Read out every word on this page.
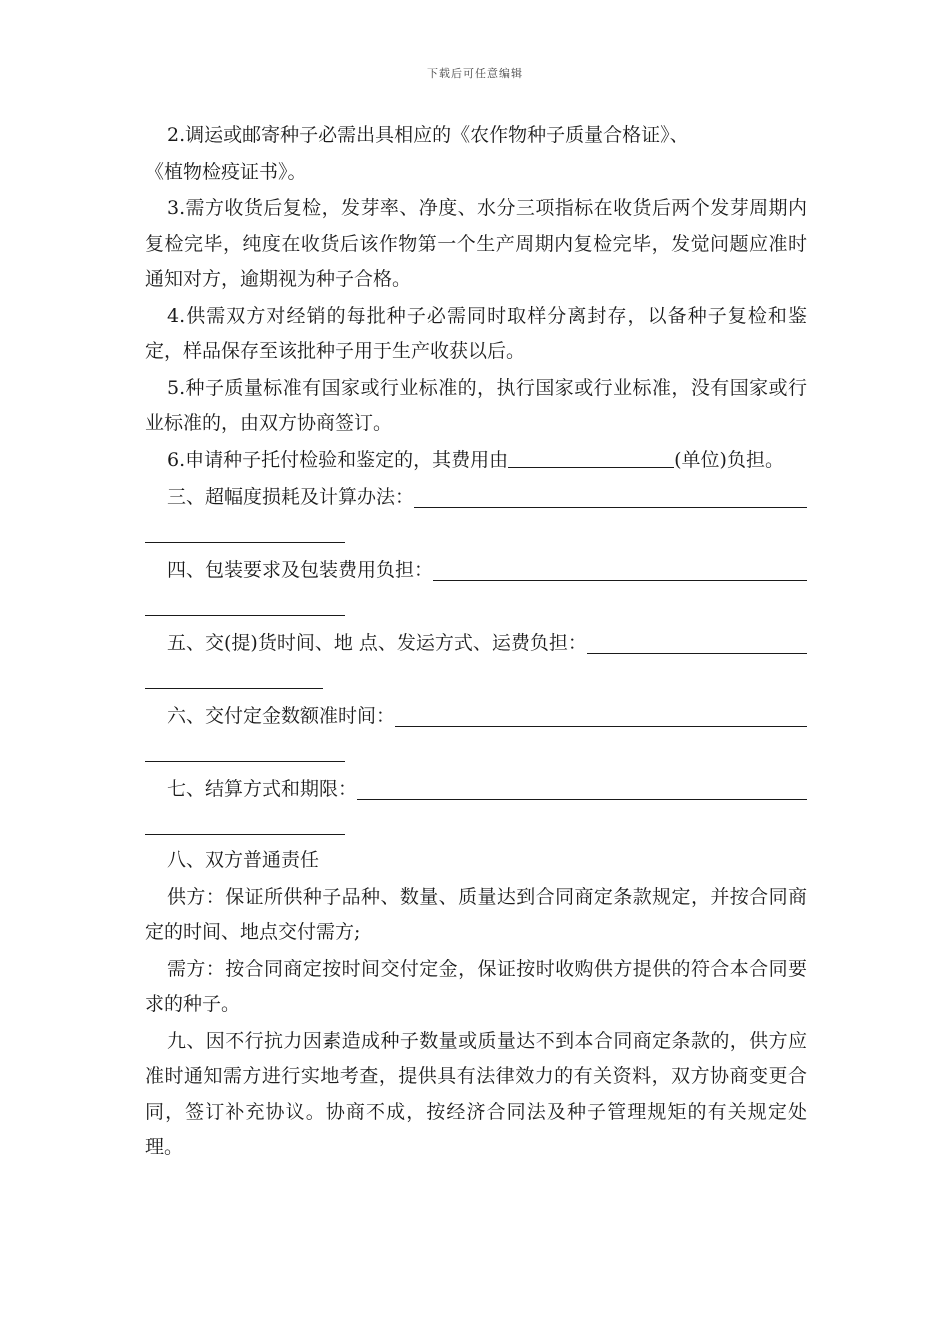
下载后可任意编辑

2.调运或邮寄种子必需出具相应的《农作物种子质量合格证》、

《植物检疫证书》。

3.需方收货后复检，发芽率、净度、水分三项指标在收货后两个发芽周期内复检完毕，纯度在收货后该作物第一个生产周期内复检完毕，发觉问题应准时通知对方，逾期视为种子合格。

4.供需双方对经销的每批种子必需同时取样分离封存，以备种子复检和鉴定，样品保存至该批种子用于生产收获以后。

5.种子质量标准有国家或行业标准的，执行国家或行业标准，没有国家或行业标准的，由双方协商签订。

6.申请种子托付检验和鉴定的，其费用由	(单位)负担。

三、超幅度损耗及计算办法：
四、包装要求及包装费用负担：
五、交(提)货时间、地 点、发运方式、运费负担：
六、交付定金数额准时间：
七、结算方式和期限：

八、双方普通责任

供方：保证所供种子品种、数量、质量达到合同商定条款规定，并按合同商定的时间、地点交付需方;

需方：按合同商定按时间交付定金，保证按时收购供方提供的符合本合同要求的种子。

九、因不行抗力因素造成种子数量或质量达不到本合同商定条款的，供方应准时通知需方进行实地考查，提供具有法律效力的有关资料，双方协商变更合同，签订补充协议。协商不成，按经济合同法及种子管理规矩的有关规定处理。
